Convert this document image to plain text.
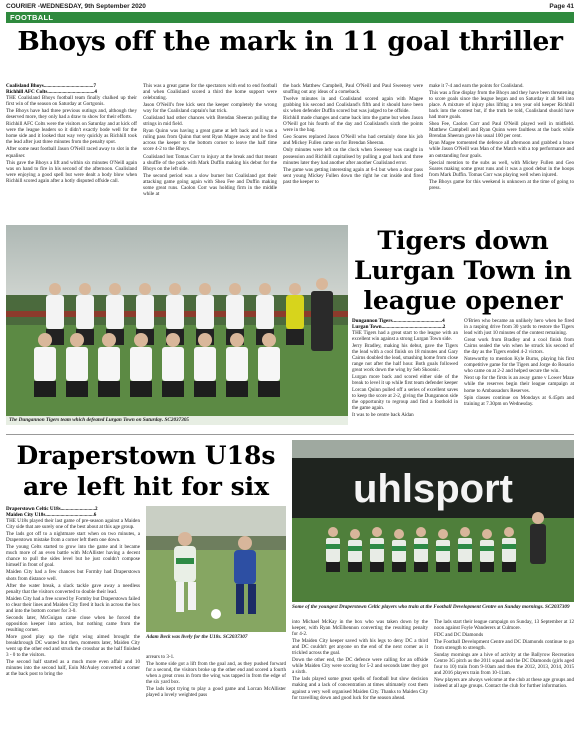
COURIER -WEDNESDAY, 9th September 2020	Page 41
FOOTBALL
Bhoys off the mark in 11 goal thriller

Coalisland Bhoys.......................................7

Richhill AFC Colts.....................................4

THE Coalisland Bhoys football team finally chalked up their first win of the season on Saturday at Gortgonis.

The Bhoys have had three previous outings and, although they deserved more, they only had a draw to show for their efforts.

Richhill AFC Colts were the visitors on Saturday and at kick off were the league leaders so it didn't exactly bode well for the home side and it looked that way very quickly as Richhill took the lead after just three minutes from the penalty spot.

After some neat football Jason O'Neill raced away to slot in the equaliser.

This gave the Bhoys a lift and within six minutes O'Neill again was on hand to fire in his second of the afternoon. Coalisland were enjoying a good spell but were dealt a body blow when Richhill scored again after a hotly disputed offside call.

This was a great game for the spectators with end to end football and when Coalisland scored a third the home support were celebrating.

Jason O'Neill's free kick sent the keeper completely the wrong way for the Coalisland captain's hat trick.

Coalisland had other chances with Brendan Sheeran pulling the strings in mid field.

Ryan Quinn was having a great game at left back and it was a ruling pass from Quinn that sent Ryan Magee away and he fired across the keeper to the bottom corner to leave the half time score 4-2 to the Bhoys.

Coalisland lost Tomas Corr to injury at the break and that meant a shuffle of the pack with Mark Duffin making his debut for the Bhoys on the left side.

The second period was a slow burner but Coalisland got their attacking game going again with Shea Fee and Duffin making some great runs. Caolon Corr was holding firm in the middle while at

the back Matthew Campbell, Paul O'Neill and Paul Sweeney were snuffing out any ideas of a comeback.

Twelve minutes in and Coalisland scored again with Magee grabbing his second and Coalisland's fifth and it should have been six when defender Duffin scored but was judged to be offside.

Richhill made changes and came back into the game but when Jason O'Neill got his fourth of the day and Coalisland's sixth the points were in the bag.

Geo Soares replaced Jason O'Neill who had certainly done his job and Mickey Fullen came on for Brendan Sheeran.

Only minutes were left on the clock when Sweeney was caught in possession and Richhill capitalised by pulling a goal back and three minutes later they had another after another Coalisland error.

The game was getting interesting again at 6-4 but when a dour pass sent young Mickey Fullen down the right he cut inside and fired past the keeper to

make it 7-4 and earn the points for Coalisland.

This was a fine display from the Bhoys and they have been threatening to score goals since the league began and on Saturday it all fell into place. A mixture of injury plus lifting a ten year old keeper Richhill back into the contest but, if the truth be told, Coalisland should have had more goals.

Shea Fee, Caolon Corr and Paul O'Neill played well in midfield. Matthew Campbell and Ryan Quinn were faultless at the back while Brendan Sheeran gave his usual 100 per cent.

Ryan Magee tormented the defence all afternoon and grabbed a brace while Jason O'Neill was Man of the Match with a top performance and an outstanding four goals.

Special mention to the subs as well, with Mickey Fullen and Geo Soares making some great runs and it was a good debut in the hoops from Mark Duffin. Tomas Corr was playing well when injured.

The Bhoys game for this weekend is unknown at the time of going to press.

The Dungannon Tigers team which defeated Lurgan Town on Saturday. SC2037305
Tigers down
Lurgan Town in
league opener

Dungannon Tigers.......................................4

Lurgan Town................................................2

THE Tigers had a great start to the league with an excellent win against a strong Lurgan Town side.

Jerry Bradley, making his debut, gave the Tigers the lead with a cool finish on 18 minutes and Gary Cairns doubled the lead, smashing home from close range not after the half hour. Both goals followed great work down the wing by Seb Skoonic.

Lurgan more back and scored either side of the break to level it up while first team defender keeper Lorcan Quinn pulled off a series of excellent saves to keep the score at 2-2, giving the Dungannon side the opportunity to regroup and find a foothold in the game again.

It was to be centre back Aidan

O'Brien who became an unlikely hero when he fired in a rasping drive from 30 yards to restore the Tigers lead with just 10 minutes of the contest remaining.

Great work from Bradley and a cool finish from Cairns sealed the win when he struck his second of the day as the Tigers ended 4-2 victors.

Noteworthy to mention Kyle Burns, playing his first competitive game for the Tigers and Jorge do Rosario who came on at 2-2 and helped secure the win.

Next up for the firsts is an away game v Lower Maze while the reserves begin their league campaign at home to Ambassadors Reserves.

Spin classes continue on Mondays at 6.45pm and training at 7.30pm on Wednesday.

Draperstown U18s
are left hit for six

Draperstown Celtic U18s...........................2

Maiden City U18s......................................6

THE U18s played their last game of pre-season against a Maiden City side that are surely one of the best about at this age group.

The lads got off to a nightmare start when on two minutes, a Draperstown mistake from a corner left them one down.

The young Celts started to grow into the game and it became much more of an even battle with McAllister having a decent chance to pull the sides level but he just couldn't compose himself in front of goal.

Maiden City had a few chances but Formby had Draperstown shots from distance well.

After the water break, a slack tackle gave away a needless penalty that the visitors converted to double their lead.

Maiden City had a free scored by Formby but Draperstown failed to clear their lines and Maiden City fired it back in across the box and into the bottom corner for 3-0.

Seconds later, McGuigan came close when he forced the opposition keeper into action, but nothing came from the resulting corner.

More good play up the right wing aimed brought the breakthrough DC wanted but then, moments later, Maiden City went up the other end and struck the crossbar as the half finished 3 - 0 to the visitors.

The second half started as a much more even affair and 10 minutes into the second half, Eoin McAuley converted a corner at the back post to bring the

Adam Beck was lively for the U18s. SC2037307

arrears to 3-1.

The home side got a lift from the goal and, as they pushed forward for a second, the visitors broke up the other end and scored a fourth when a great cross in from the wing was tapped in from the edge of the six yard box.

The lads kept trying to play a good game and Lorcan McAllister played a lovely weighted pass

uhlsport
Some of the youngest Draperstown Celtic players who train at the Football Development Centre on Sunday mornings. SC2037309

into Michael McKay in the box who was taken down by the keeper, with Ryan McElhennon converting the resulting penalty for 4-2.

The Maiden City keeper saved with his legs to deny DC a third and DC couldn't get anyone on the end of the next corner as it trickled across the goal.

Down the other end, the DC defence were calling for an offside while Maiden City were scoring for 5-2 and seconds later they got a sixth.

The lads played some great spells of football but slow decision making and a lack of concentration at times ultimately cost them against a very well organised Maiden City. Thanks to Maiden City for travelling down and good luck for the season ahead.

The lads start their league campaign on Sunday, 13 September at 12 noon against Foyle Wanderers at Culmore.

FDC and DC Diamonds

The Football Development Centre and DC Diamonds continue to go from strength to strength.

Sunday mornings are a hive of activity at the Ballyrow Recreation Centre 3G pitch as the 2011 squad and the DC Diamonds (girls aged four to 10) train from 9-10am and then the 2012, 2013, 2014, 2015 and 2016 players train from 10-11am.

New players are always welcome at the club at these age groups and indeed at all age groups. Contact the club for further information.
